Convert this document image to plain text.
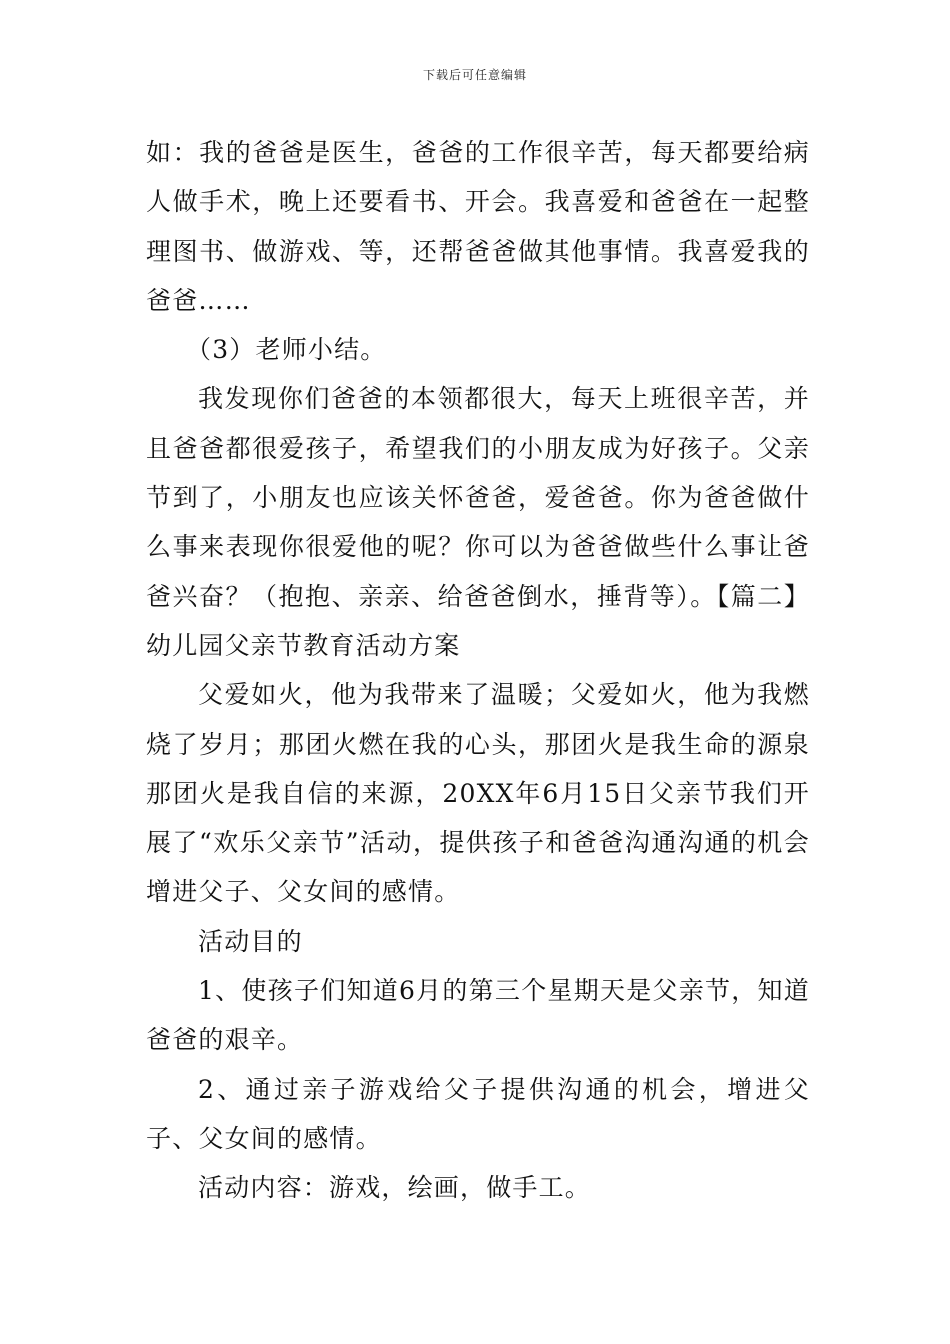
下载后可任意编辑

如：我的爸爸是医生，爸爸的工作很辛苦，每天都要给病人做手术，晚上还要看书、开会。我喜爱和爸爸在一起整理图书、做游戏、等，还帮爸爸做其他事情。我喜爱我的爸爸……

（3）老师小结。

我发现你们爸爸的本领都很大，每天上班很辛苦，并且爸爸都很爱孩子，希望我们的小朋友成为好孩子。父亲节到了，小朋友也应该关怀爸爸，爱爸爸。你为爸爸做什么事来表现你很爱他的呢？你可以为爸爸做些什么事让爸爸兴奋？（抱抱、亲亲、给爸爸倒水，捶背等）。【篇二】幼儿园父亲节教育活动方案

父爱如火，他为我带来了温暖；父爱如火，他为我燃烧了岁月；那团火燃在我的心头，那团火是我生命的源泉那团火是我自信的来源，20XX年6月15日父亲节我们开展了“欢乐父亲节”活动，提供孩子和爸爸沟通沟通的机会增进父子、父女间的感情。

活动目的

1、使孩子们知道6月的第三个星期天是父亲节，知道爸爸的艰辛。

2、通过亲子游戏给父子提供沟通的机会，增进父子、父女间的感情。

活动内容：游戏，绘画，做手工。
